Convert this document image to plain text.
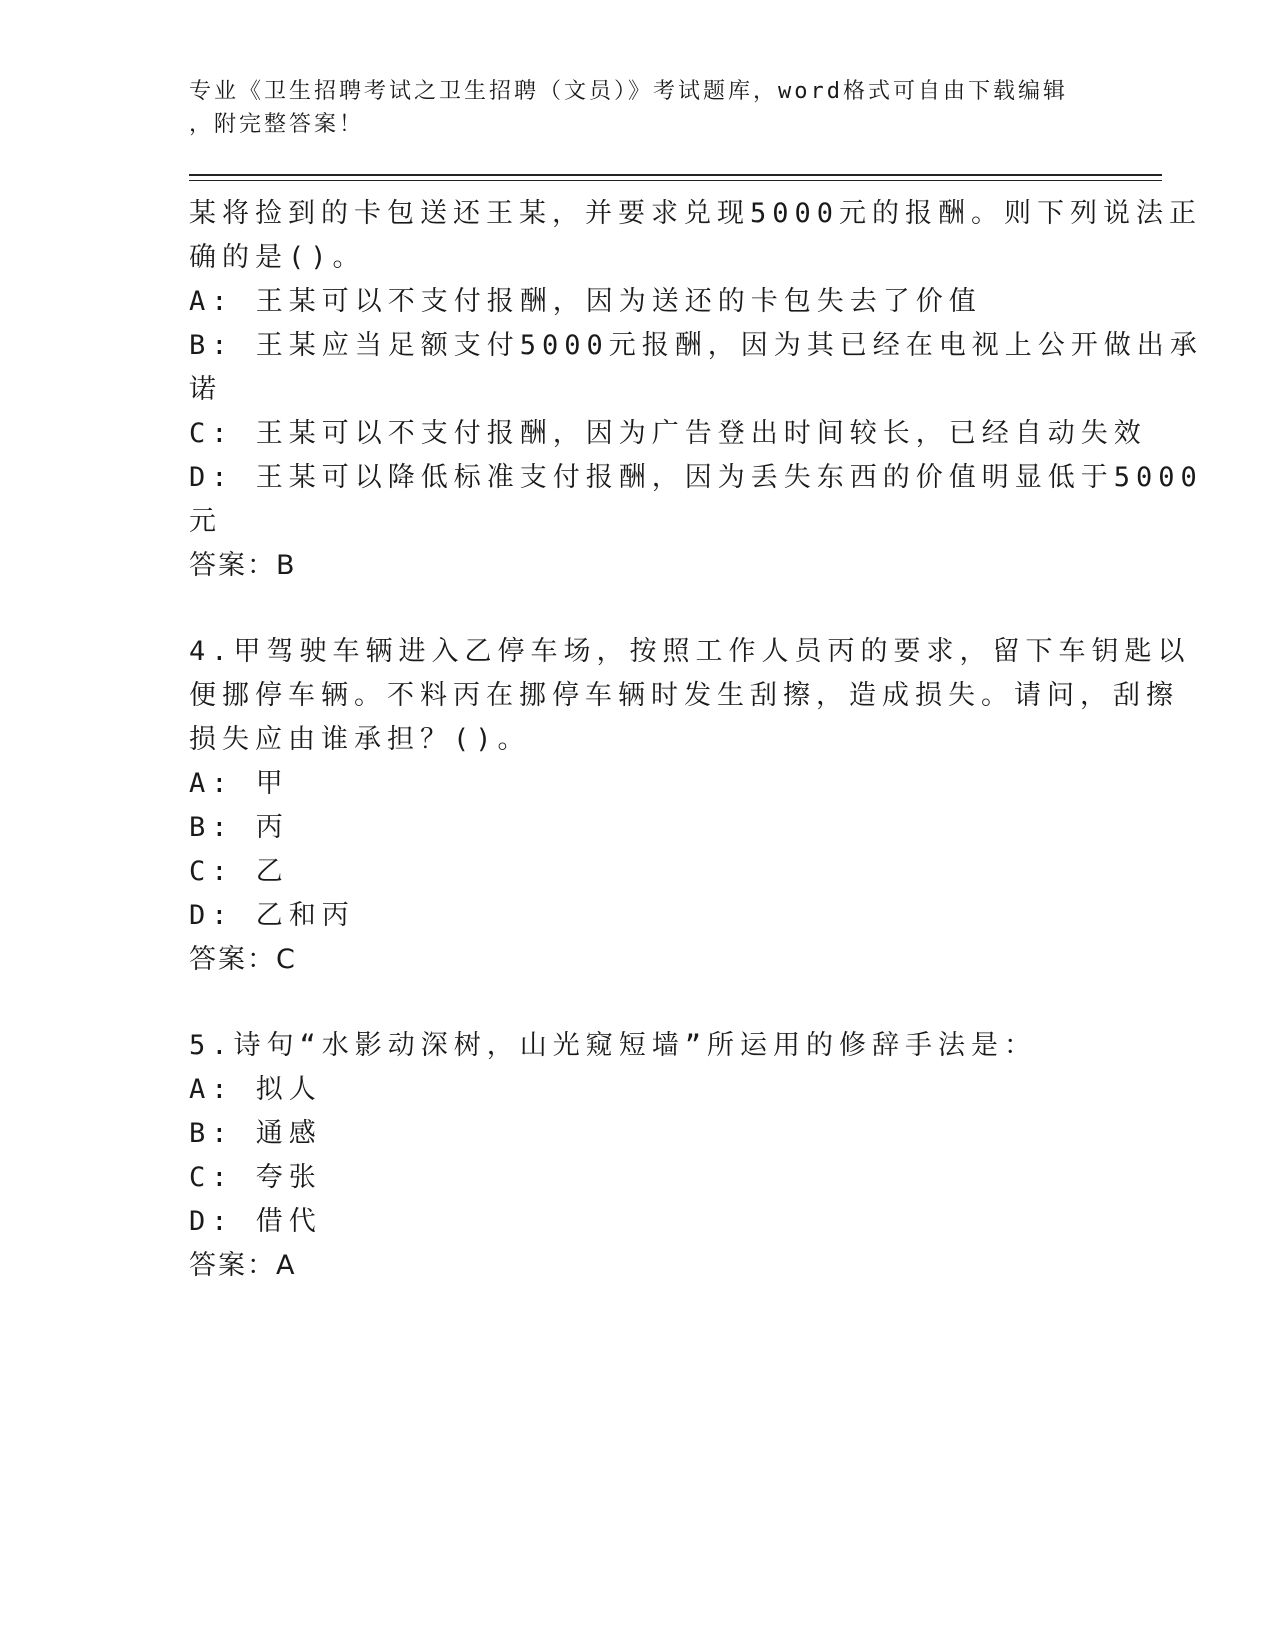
专业《卫生招聘考试之卫生招聘（文员）》考试题库，word格式可自由下载编辑
，附完整答案！
某将捡到的卡包送还王某，并要求兑现5000元的报酬。则下列说法正
确的是()。
A: 王某可以不支付报酬，因为送还的卡包失去了价值
B: 王某应当足额支付5000元报酬，因为其已经在电视上公开做出承
诺
C: 王某可以不支付报酬，因为广告登出时间较长，已经自动失效
D: 王某可以降低标准支付报酬，因为丢失东西的价值明显低于5000
元
答案：B
4.甲驾驶车辆进入乙停车场，按照工作人员丙的要求，留下车钥匙以
便挪停车辆。不料丙在挪停车辆时发生刮擦，造成损失。请问，刮擦
损失应由谁承担？()。
A: 甲
B: 丙
C: 乙
D: 乙和丙
答案：C
5.诗句“水影动深树，山光窥短墙”所运用的修辞手法是：
A: 拟人
B: 通感
C: 夸张
D: 借代
答案：A
